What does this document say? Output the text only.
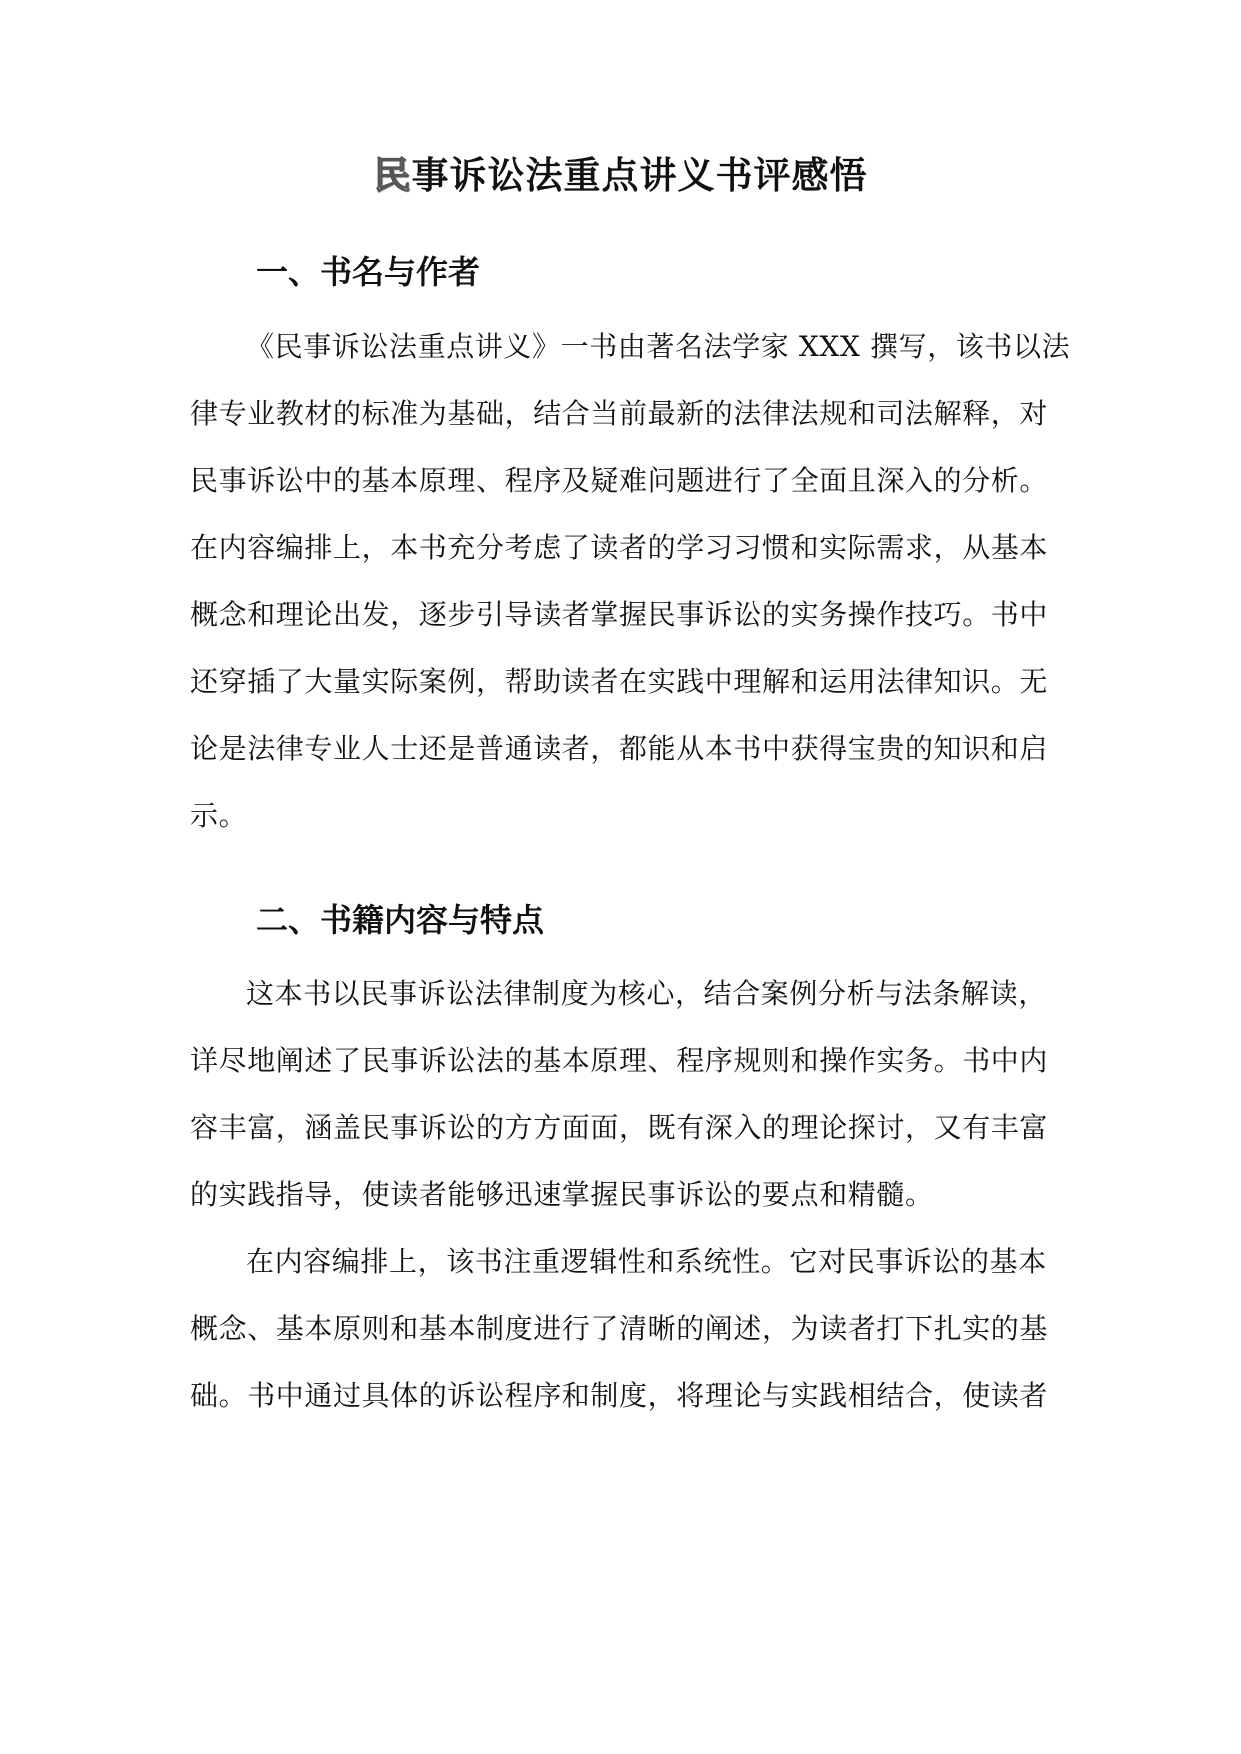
民事诉讼法重点讲义书评感悟
一、书名与作者
《民事诉讼法重点讲义》一书由著名法学家 XXX 撰写，该书以法
律专业教材的标准为基础，结合当前最新的法律法规和司法解释，对
民事诉讼中的基本原理、程序及疑难问题进行了全面且深入的分析。
在内容编排上，本书充分考虑了读者的学习习惯和实际需求，从基本
概念和理论出发，逐步引导读者掌握民事诉讼的实务操作技巧。书中
还穿插了大量实际案例，帮助读者在实践中理解和运用法律知识。无
论是法律专业人士还是普通读者，都能从本书中获得宝贵的知识和启
示。
二、书籍内容与特点
这本书以民事诉讼法律制度为核心，结合案例分析与法条解读，
详尽地阐述了民事诉讼法的基本原理、程序规则和操作实务。书中内
容丰富，涵盖民事诉讼的方方面面，既有深入的理论探讨，又有丰富
的实践指导，使读者能够迅速掌握民事诉讼的要点和精髓。
在内容编排上，该书注重逻辑性和系统性。它对民事诉讼的基本
概念、基本原则和基本制度进行了清晰的阐述，为读者打下扎实的基
础。书中通过具体的诉讼程序和制度，将理论与实践相结合，使读者
